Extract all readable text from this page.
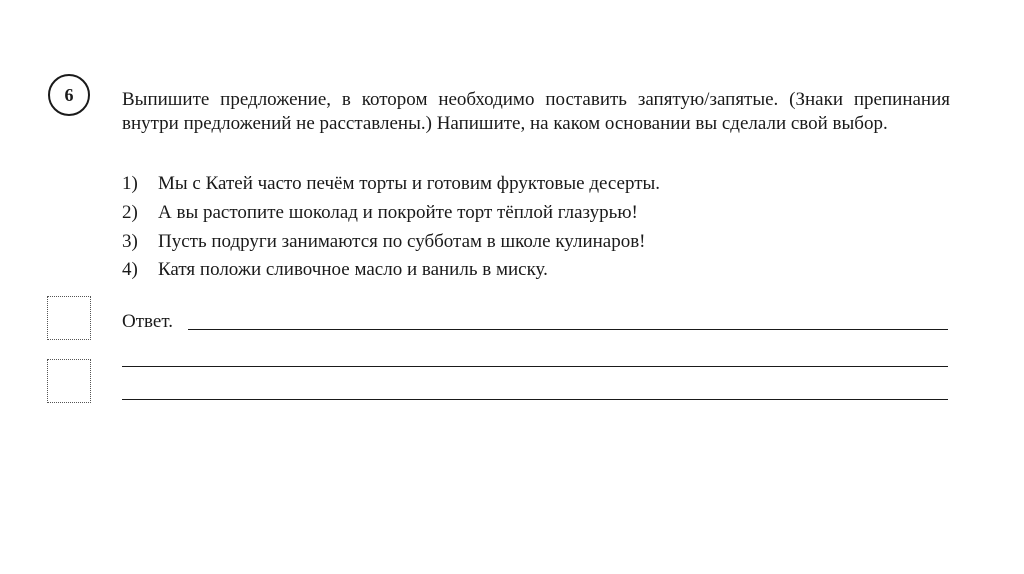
6	Выпишите предложение, в котором необходимо поставить запятую/запятые. (Знаки препинания внутри предложений не расставлены.) Напишите, на каком основании вы сделали свой выбор.
1)	Мы с Катей часто печём торты и готовим фруктовые десерты.
2)	А вы растопите шоколад и покройте торт тёплой глазурью!
3)	Пусть подруги занимаются по субботам в школе кулинаров!
4)	Катя положи сливочное масло и ваниль в миску.
Ответ.
